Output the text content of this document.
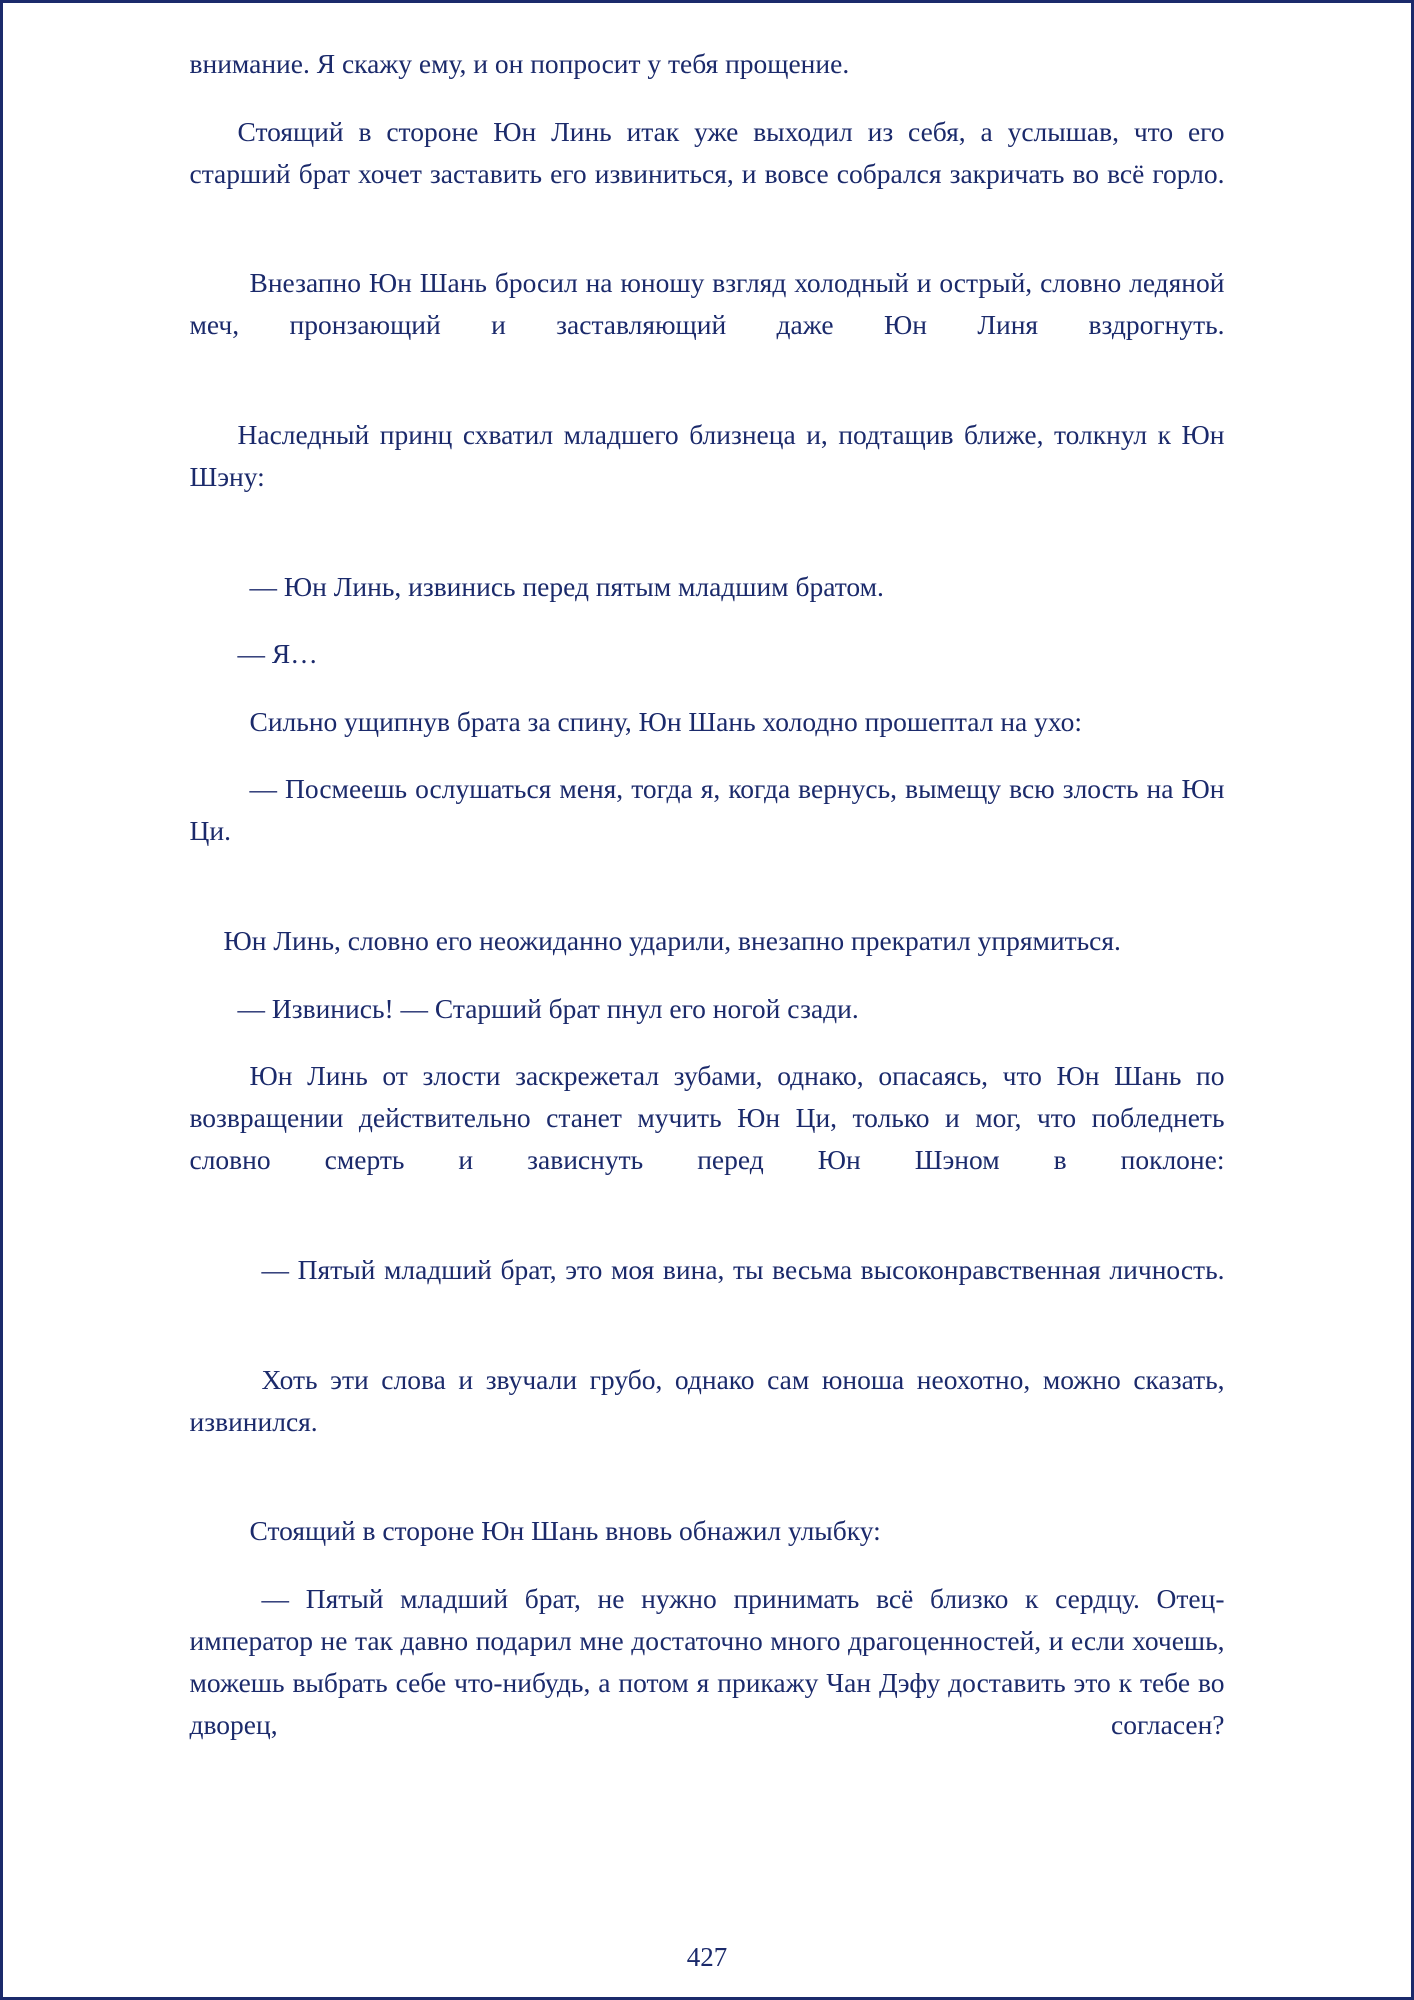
внимание. Я скажу ему, и он попросит у тебя прощение.

Стоящий в стороне Юн Линь итак уже выходил из себя, а услышав, что его старший брат хочет заставить его извиниться, и вовсе собрался закричать во всё горло.

Внезапно Юн Шань бросил на юношу взгляд холодный и острый, словно ледяной меч, пронзающий и заставляющий даже Юн Линя вздрогнуть.

Наследный принц схватил младшего близнеца и, подтащив ближе, толкнул к Юн Шэну:

— Юн Линь, извинись перед пятым младшим братом.

— Я…

Сильно ущипнув брата за спину, Юн Шань холодно прошептал на ухо:

— Посмеешь ослушаться меня, тогда я, когда вернусь, вымещу всю злость на Юн Ци.

Юн Линь, словно его неожиданно ударили, внезапно прекратил упрямиться.

— Извинись! — Старший брат пнул его ногой сзади.

Юн Линь от злости заскрежетал зубами, однако, опасаясь, что Юн Шань по возвращении действительно станет мучить Юн Ци, только и мог, что побледнеть словно смерть и зависнуть перед Юн Шэном в поклоне:

— Пятый младший брат, это моя вина, ты весьма высоконравственная личность.

Хоть эти слова и звучали грубо, однако сам юноша неохотно, можно сказать, извинился.

Стоящий в стороне Юн Шань вновь обнажил улыбку:

— Пятый младший брат, не нужно принимать всё близко к сердцу. Отец-император не так давно подарил мне достаточно много драгоценностей, и если хочешь, можешь выбрать себе что-нибудь, а потом я прикажу Чан Дэфу доставить это к тебе во дворец, согласен?

427
